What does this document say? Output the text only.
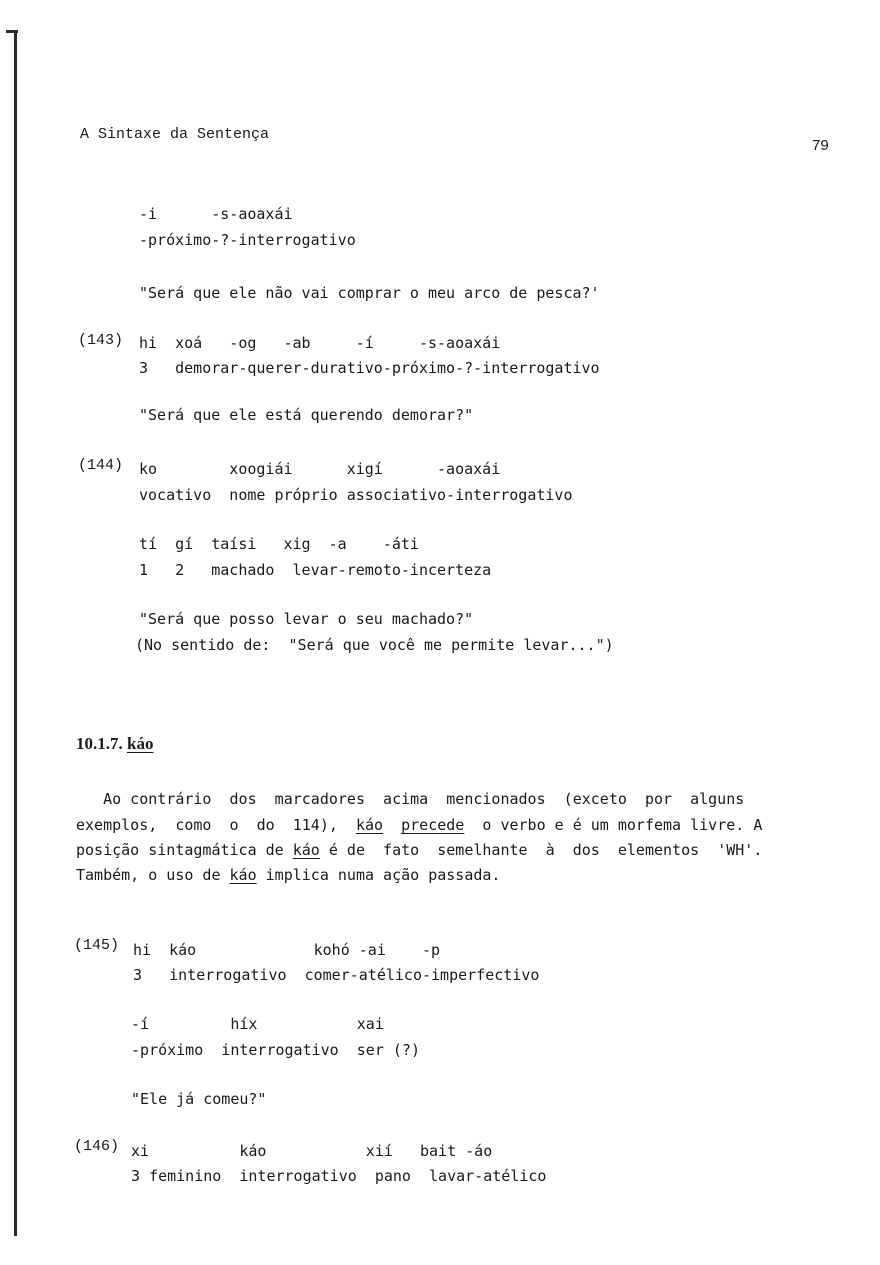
A Sintaxe da Sentença
79
-i      -s-aoaxái
-próximo-?-interrogativo
"Será que ele não vai comprar o meu arco de pesca?'
(143) hi  xoá   -og   -ab     -í     -s-aoaxái
3   demorar-querer-durativo-próximo-?-interrogativo
"Será que ele está querendo demorar?"
(144) ko        xoogiái      xigí      -aoaxái
vocativo  nome próprio associativo-interrogativo
tí  gí  taísi   xig  -a    -áti
1   2   machado  levar-remoto-incerteza
"Será que posso levar o seu machado?"
(No sentido de:  "Será que você me permite levar...")
10.1.7. káo
Ao contrário  dos  marcadores  acima  mencionados  (exceto  por  alguns
exemplos,  como  o  do  114),  káo precede  o verbo e é um morfema livre. A
posição sintagmática de káo é de  fato  semelhante  à  dos  elementos  'WH'.
Também, o uso de káo implica numa ação passada.
(145) hi  káo             kohó -ai    -p
3   interrogativo  comer-atélico-imperfectivo
-í         híx           xai
-próximo  interrogativo  ser (?)
"Ele já comeu?"
(146) xi          káo           xií   bait -áo
3 feminino  interrogativo  pano  lavar-atélico
